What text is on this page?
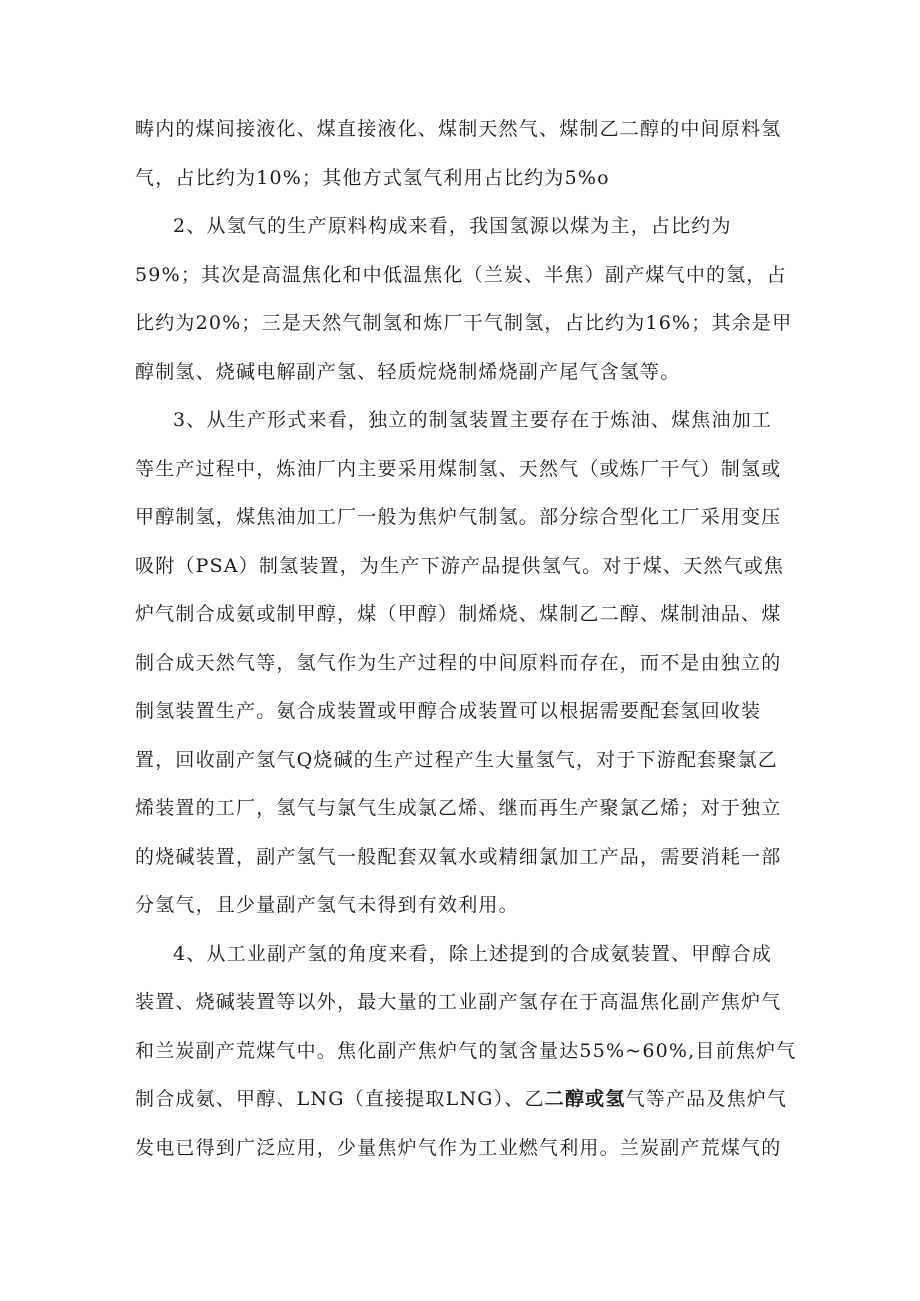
畴内的煤间接液化、煤直接液化、煤制天然气、煤制乙二醇的中间原料氢
气，占比约为10%；其他方式氢气利用占比约为5%o

2、从氢气的生产原料构成来看，我国氢源以煤为主，占比约为
59%；其次是高温焦化和中低温焦化（兰炭、半焦）副产煤气中的氢，占
比约为20%；三是天然气制氢和炼厂干气制氢，占比约为16%；其余是甲
醇制氢、烧碱电解副产氢、轻质烷烧制烯烧副产尾气含氢等。

3、从生产形式来看，独立的制氢装置主要存在于炼油、煤焦油加工
等生产过程中，炼油厂内主要采用煤制氢、天然气（或炼厂干气）制氢或
甲醇制氢，煤焦油加工厂一般为焦炉气制氢。部分综合型化工厂采用变压
吸附（PSA）制氢装置，为生产下游产品提供氢气。对于煤、天然气或焦
炉气制合成氨或制甲醇，煤（甲醇）制烯烧、煤制乙二醇、煤制油品、煤
制合成天然气等，氢气作为生产过程的中间原料而存在，而不是由独立的
制氢装置生产。氨合成装置或甲醇合成装置可以根据需要配套氢回收装
置，回收副产氢气Q烧碱的生产过程产生大量氢气，对于下游配套聚氯乙
烯装置的工厂，氢气与氯气生成氯乙烯、继而再生产聚氯乙烯；对于独立
的烧碱装置，副产氢气一般配套双氧水或精细氯加工产品，需要消耗一部
分氢气，且少量副产氢气未得到有效利用。

4、从工业副产氢的角度来看，除上述提到的合成氨装置、甲醇合成
装置、烧碱装置等以外，最大量的工业副产氢存在于高温焦化副产焦炉气
和兰炭副产荒煤气中。焦化副产焦炉气的氢含量达55%~60%,目前焦炉气
制合成氨、甲醇、LNG（直接提取LNG）、乙二醇或氢气等产品及焦炉气
发电已得到广泛应用，少量焦炉气作为工业燃气利用。兰炭副产荒煤气的
